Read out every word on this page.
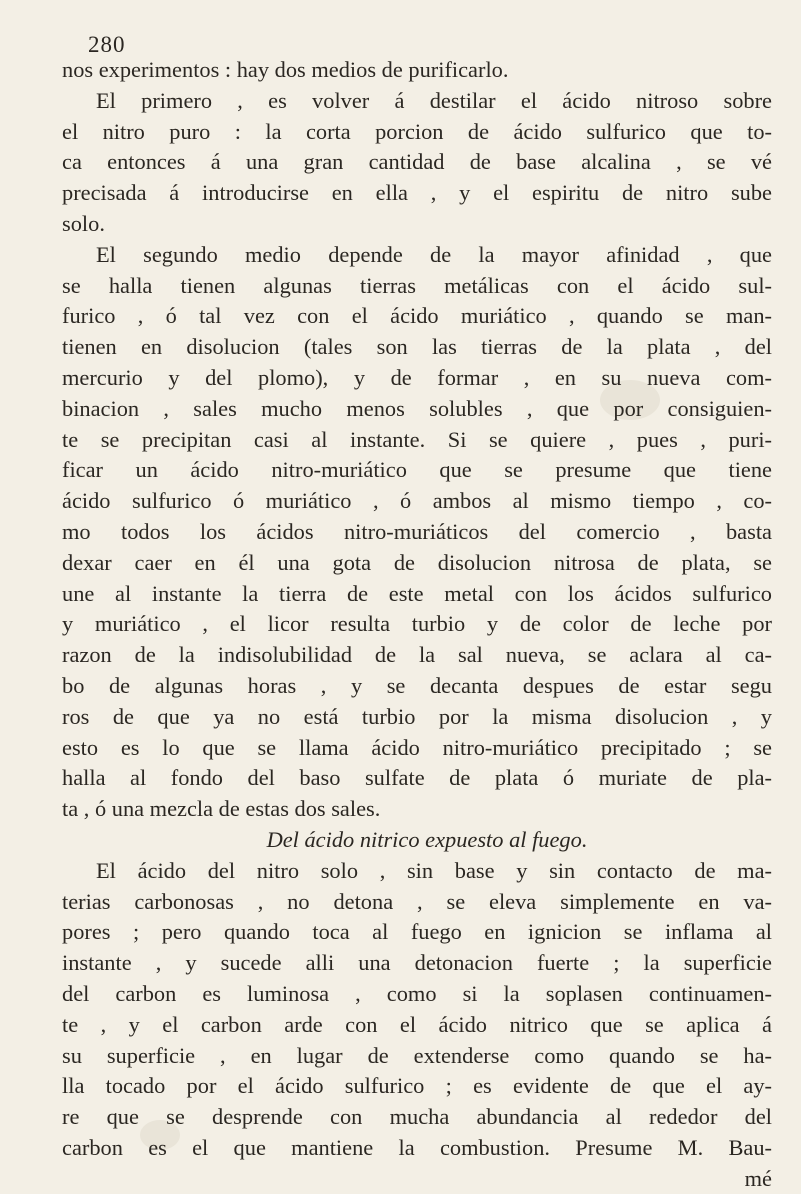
280
nos experimentos : hay dos medios de purificarlo.
El primero , es volver á destilar el ácido nitroso sobre
el nitro puro : la corta porcion de ácido sulfurico que to-
ca entonces á una gran cantidad de base alcalina , se vé
precisada á introducirse en ella , y el espiritu de nitro sube
solo.
El segundo medio depende de la mayor afinidad , que
se halla tienen algunas tierras metálicas con el ácido sul-
furico , ó tal vez con el ácido muriático , quando se man-
tienen en disolucion (tales son las tierras de la plata , del
mercurio y del plomo), y de formar , en su nueva com-
binacion , sales mucho menos solubles , que por consiguien-
te se precipitan casi al instante. Si se quiere , pues , puri-
ficar un ácido nitro-muriático que se presume que tiene
ácido sulfurico ó muriático , ó ambos al mismo tiempo , co-
mo todos los ácidos nitro-muriáticos del comercio , basta
dexar caer en él una gota de disolucion nitrosa de plata, se
une al instante la tierra de este metal con los ácidos sulfurico
y muriático , el licor resulta turbio y de color de leche por
razon de la indisolubilidad de la sal nueva, se aclara al ca-
bo de algunas horas , y se decanta despues de estar segu
ros de que ya no está turbio por la misma disolucion , y
esto es lo que se llama ácido nitro-muriático precipitado ; se
halla al fondo del baso sulfate de plata ó muriate de pla-
ta , ó una mezcla de estas dos sales.
Del ácido nitrico expuesto al fuego.
El ácido del nitro solo , sin base y sin contacto de ma-
terias carbonosas , no detona , se eleva simplemente en va-
pores ; pero quando toca al fuego en ignicion se inflama al
instante , y sucede alli una detonacion fuerte ; la superficie
del carbon es luminosa , como si la soplasen continuamen-
te , y el carbon arde con el ácido nitrico que se aplica á
su superficie , en lugar de extenderse como quando se ha-
lla tocado por el ácido sulfurico ; es evidente de que el ay-
re que se desprende con mucha abundancia al rededor del
carbon es el que mantiene la combustion. Presume M. Bau-
mé
